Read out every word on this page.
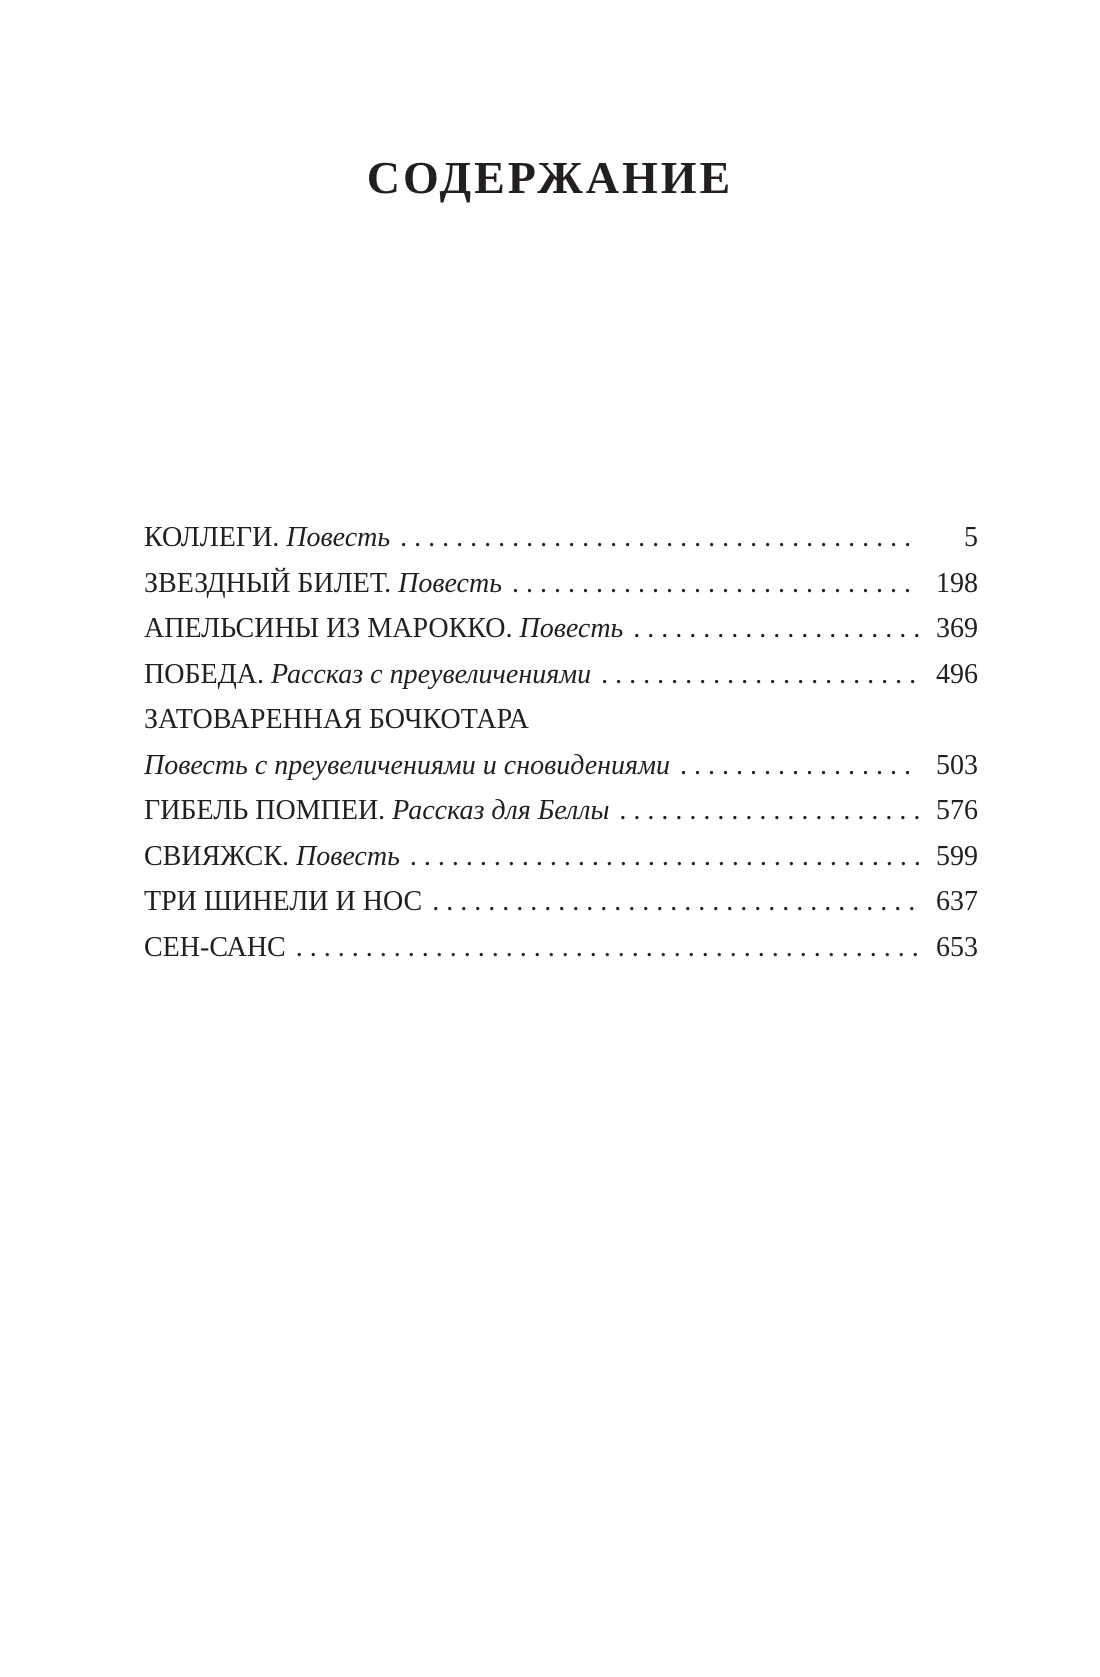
СОДЕРЖАНИЕ
КОЛЛЕГИ. Повесть . . .	5
ЗВЕЗДНЫЙ БИЛЕТ. Повесть . . .	198
АПЕЛЬСИНЫ ИЗ МАРОККО. Повесть . . .	369
ПОБЕДА. Рассказ с преувеличениями . . .	496
ЗАТОВАРЕННАЯ БОЧКОТАРА
Повесть с преувеличениями и сновидениями . . .	503
ГИБЕЛЬ ПОМПЕИ. Рассказ для Беллы . . .	576
СВИЯЖСК. Повесть . . .	599
ТРИ ШИНЕЛИ И НОС . . .	637
СЕН-САНС . . .	653
